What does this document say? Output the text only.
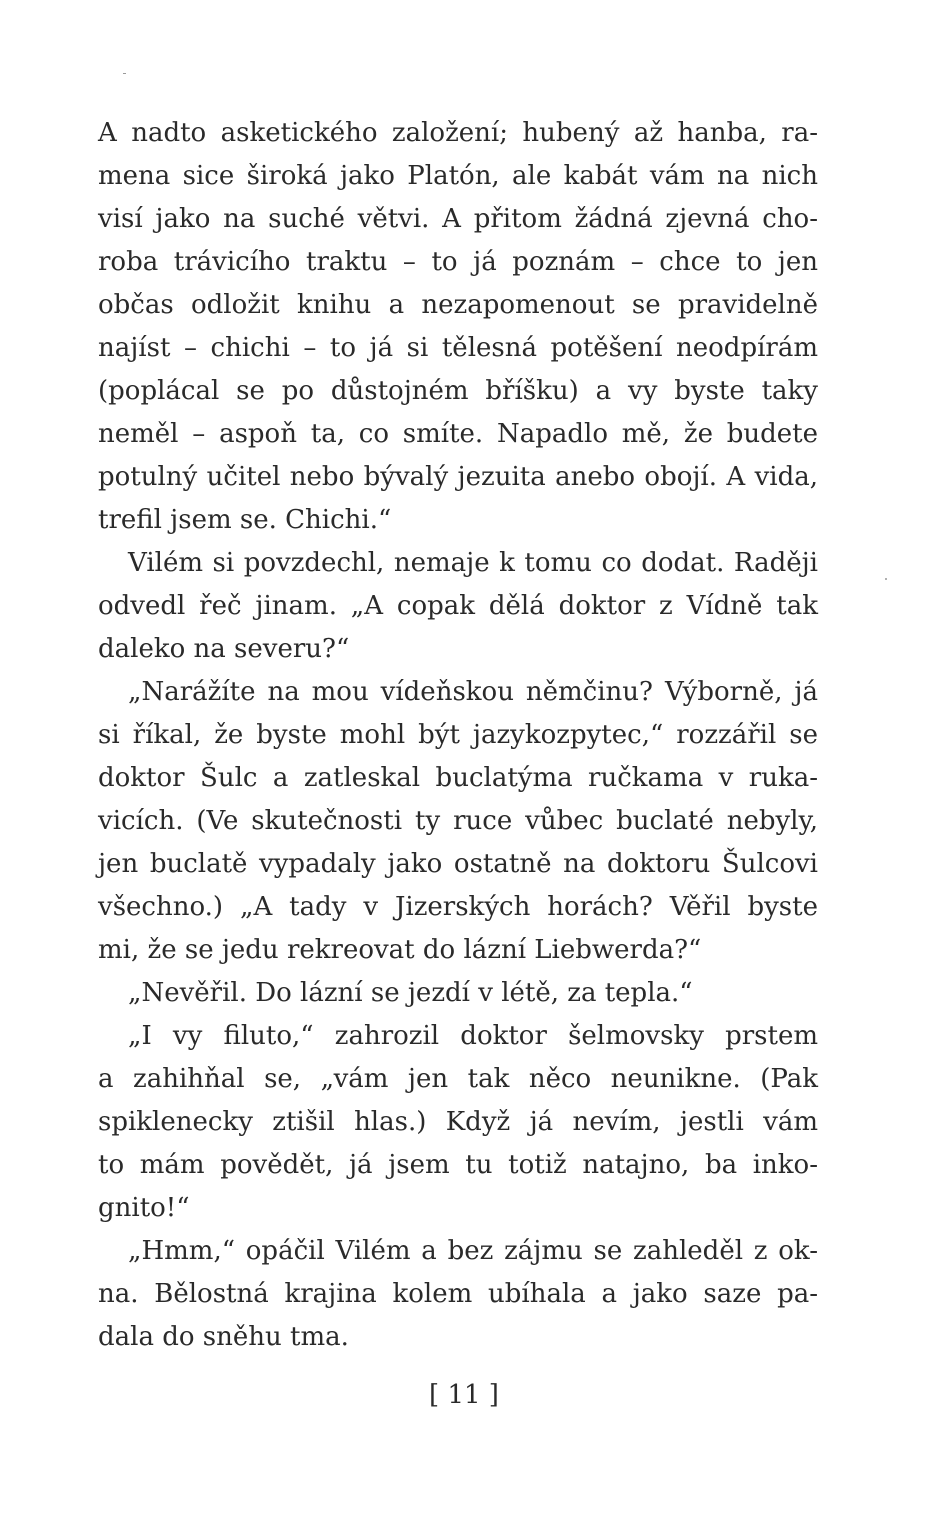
A nadto asketického založení; hubený až hanba, ra-
mena sice široká jako Platón, ale kabát vám na nich
visí jako na suché větvi. A přitom žádná zjevná cho-
roba trávicího traktu – to já poznám – chce to jen
občas odložit knihu a nezapomenout se pravidelně
najíst – chichi – to já si tělesná potěšení neodpírám
(poplácal se po důstojném bříšku) a vy byste taky
neměl – aspoň ta, co smíte. Napadlo mě, že budete
potulný učitel nebo bývalý jezuita anebo obojí. A vida,
trefil jsem se. Chichi.“
Vilém si povzdechl, nemaje k tomu co dodat. Raději
odvedl řeč jinam. „A copak dělá doktor z Vídně tak
daleko na severu?“
„Narážíte na mou vídeňskou němčinu? Výborně, já
si říkal, že byste mohl být jazykozpytec,“ rozzářil se
doktor Šulc a zatleskal buclatýma ručkama v ruka-
vicích. (Ve skutečnosti ty ruce vůbec buclaté nebyly,
jen buclatě vypadaly jako ostatně na doktoru Šulcovi
všechno.) „A tady v Jizerských horách? Věřil byste
mi, že se jedu rekreovat do lázní Liebwerda?“
„Nevěřil. Do lázní se jezdí v létě, za tepla.“
„I vy filuto,“ zahrozil doktor šelmovsky prstem
a zahihňal se, „vám jen tak něco neunikne. (Pak
spiklenecky ztišil hlas.) Když já nevím, jestli vám
to mám povědět, já jsem tu totiž natajno, ba inko-
gnito!“
„Hmm,“ opáčil Vilém a bez zájmu se zahleděl z ok-
na. Bělostná krajina kolem ubíhala a jako saze pa-
dala do sněhu tma.
[ 11 ]
